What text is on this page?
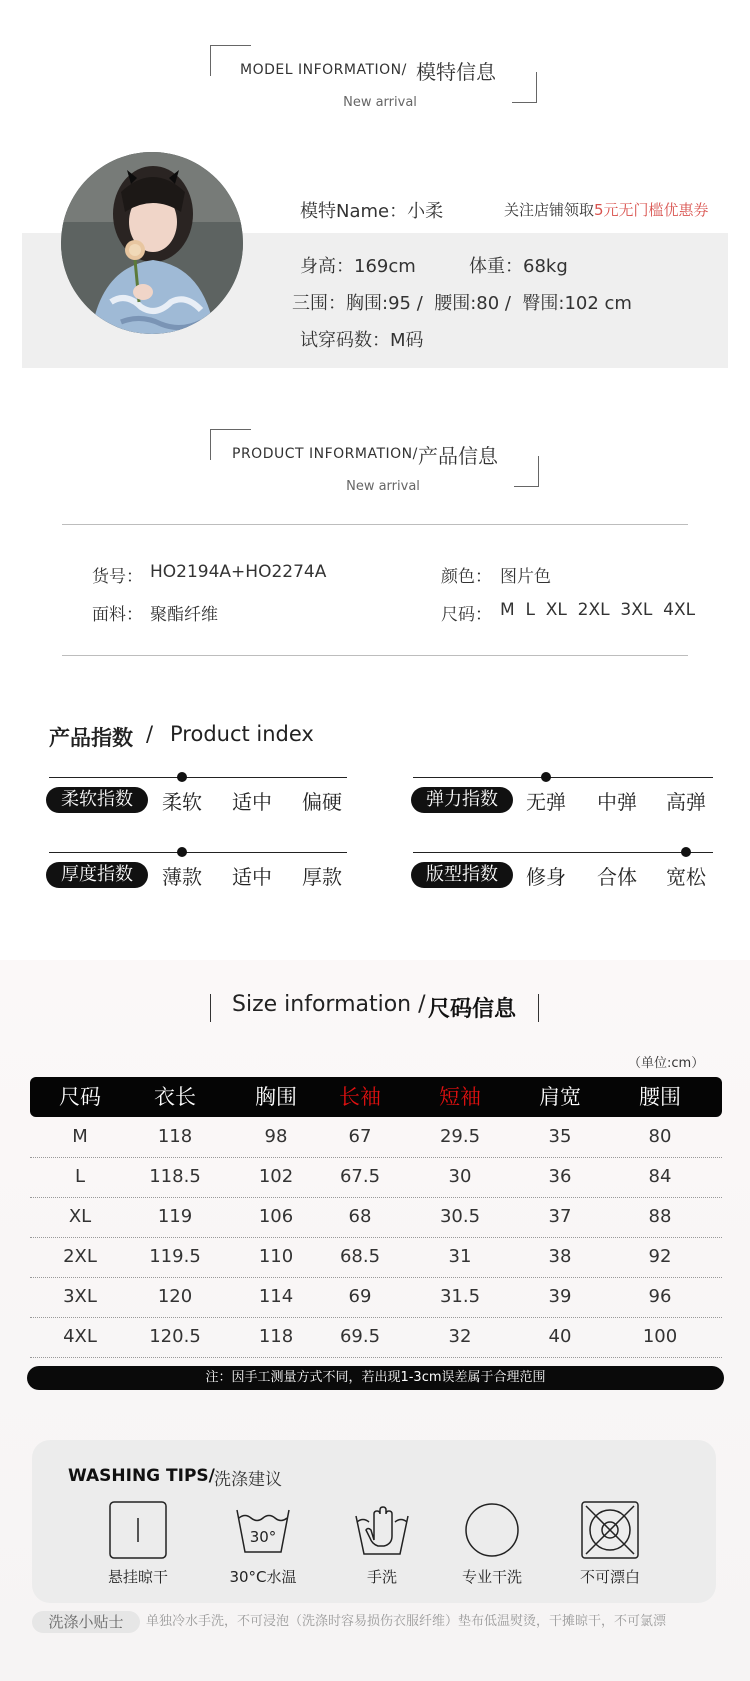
MODEL INFORMATION/ 模特信息
New arrival
模特Name：小柔	关注店铺领取5元无门槛优惠券
身高：169cm	体重：68kg
三围：胸围:95 /  腰围:80 /  臀围:102 cm
试穿码数：M码
PRODUCT INFORMATION/ 产品信息
New arrival
货号： HO2194A+HO2274A	颜色： 图片色
面料： 聚酯纤维	尺码： M  L  XL  2XL  3XL  4XL
产品指数 / Product index
柔软指数	柔软	适中	偏硬	弹力指数	无弹	中弹	高弹
厚度指数	薄款	适中	厚款	版型指数	修身	合体	宽松
Size information / 尺码信息
（单位:cm）
尺码	衣长	胸围	长袖	短袖	肩宽	腰围
M	118	98	67	29.5	35	80
L	118.5	102	67.5	30	36	84
XL	119	106	68	30.5	37	88
2XL	119.5	110	68.5	31	38	92
3XL	120	114	69	31.5	39	96
4XL	120.5	118	69.5	32	40	100
注：因手工测量方式不同，若出现1-3cm误差属于合理范围
WASHING TIPS/ 洗涤建议
悬挂晾干
30°
30°C水温	手洗	专业干洗	不可漂白
洗涤小贴士	单独冷水手洗，不可浸泡（洗涤时容易损伤衣服纤维）垫布低温熨烫，干摊晾干，不可氯漂
